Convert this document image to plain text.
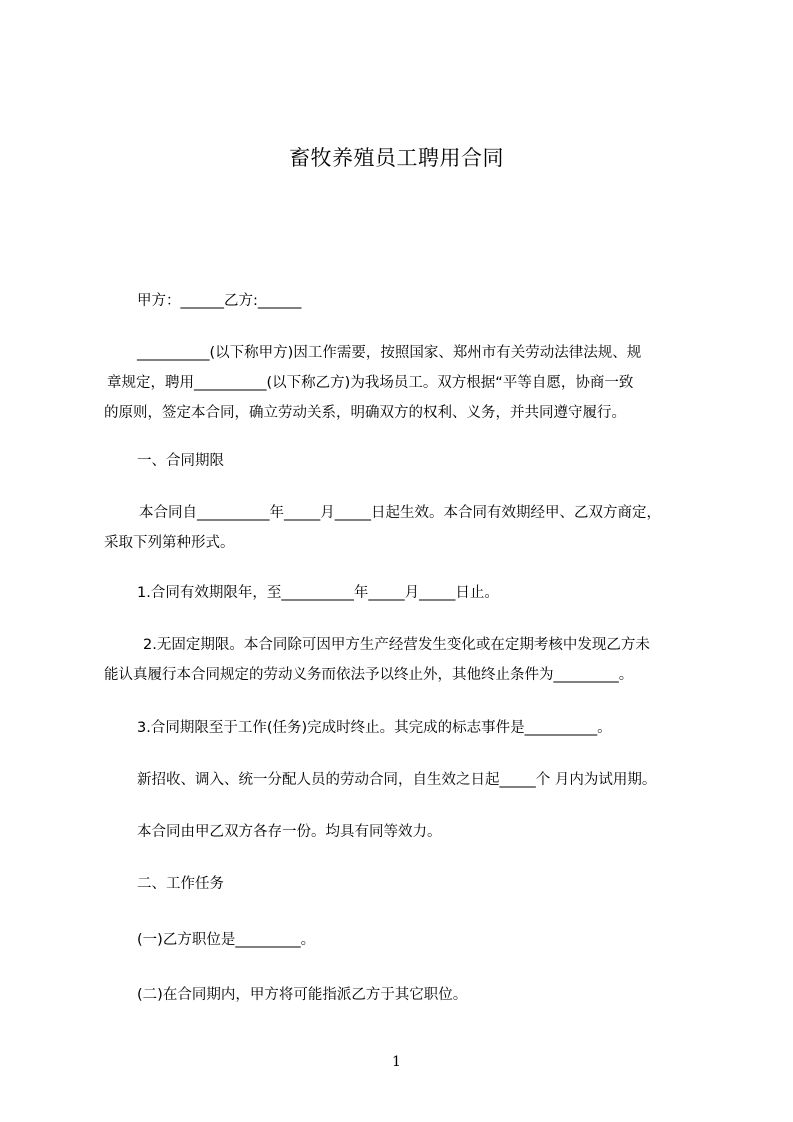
畜牧养殖员工聘用合同
甲方：______乙方:______
__________(以下称甲方)因工作需要，按照国家、郑州市有关劳动法律法规、规
章规定，聘用__________(以下称乙方)为我场员工。双方根据“平等自愿，协商一致
的原则，签定本合同，确立劳动关系，明确双方的权利、义务，并共同遵守履行。
一、合同期限
本合同自__________年_____月_____日起生效。本合同有效期经甲、乙双方商定，
采取下列第种形式。
1.合同有效期限年，至__________年_____月_____日止。
2.无固定期限。本合同除可因甲方生产经营发生变化或在定期考核中发现乙方未
能认真履行本合同规定的劳动义务而依法予以终止外，其他终止条件为_________。
3.合同期限至于工作(任务)完成时终止。其完成的标志事件是__________。
新招收、调入、统一分配人员的劳动合同，自生效之日起_____个 月内为试用期。
本合同由甲乙双方各存一份。均具有同等效力。
二、工作任务
(一)乙方职位是_________。
(二)在合同期内，甲方将可能指派乙方于其它职位。
1
